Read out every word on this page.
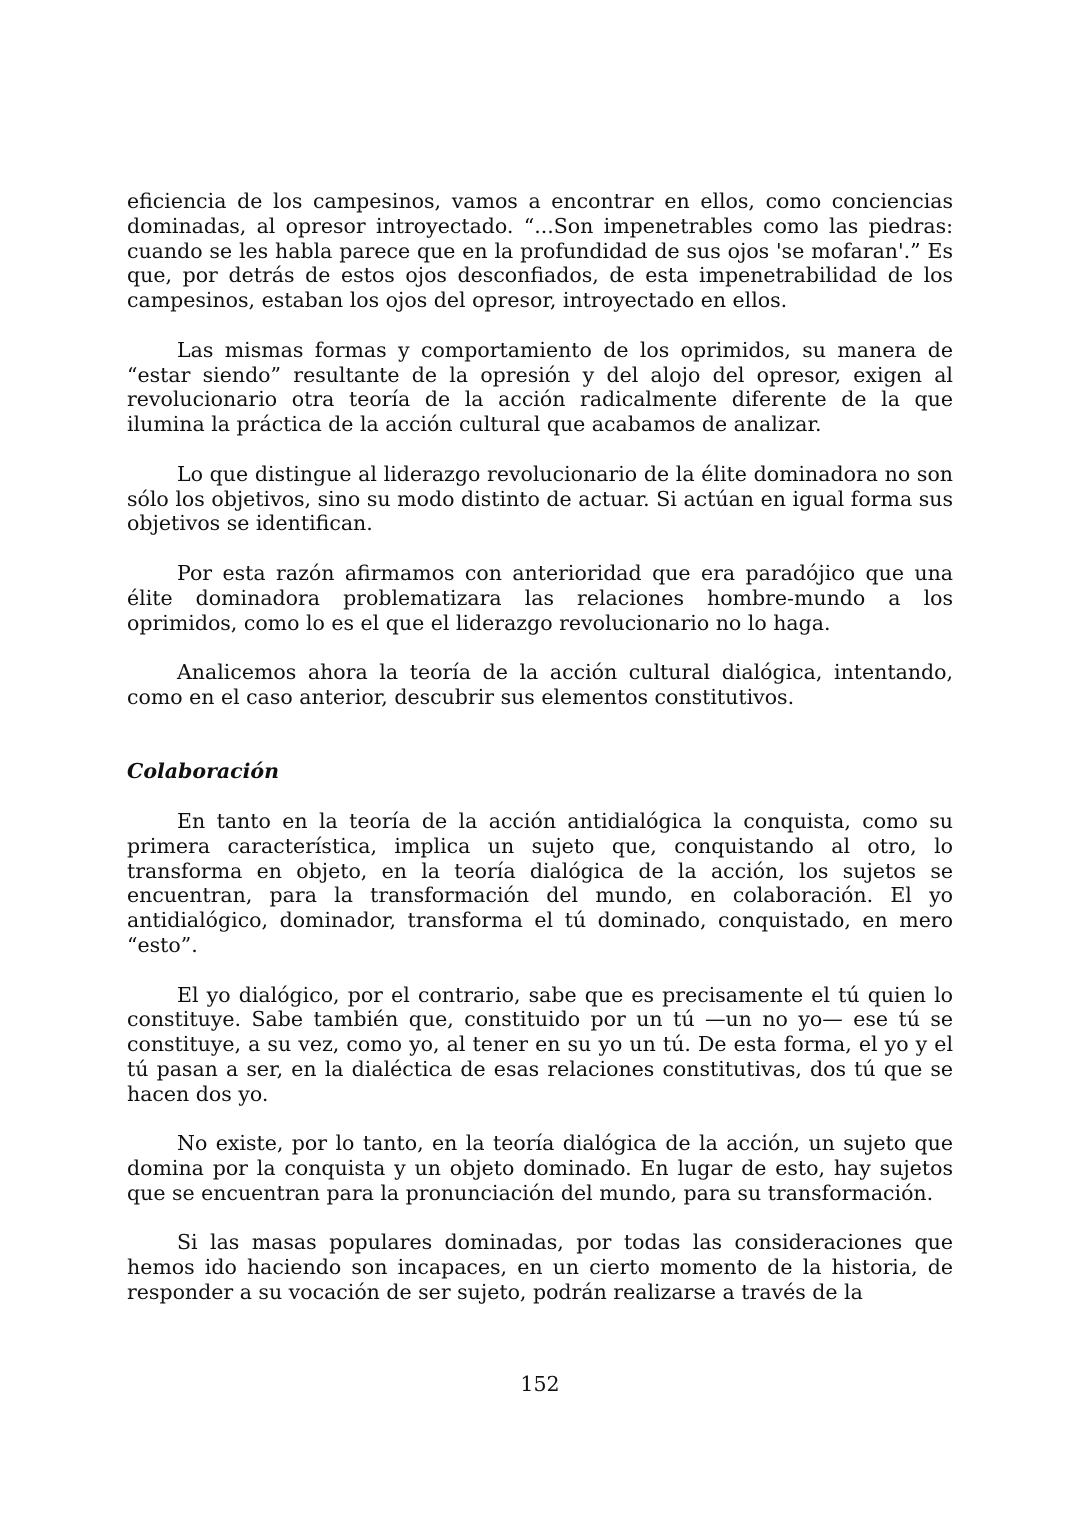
eficiencia de los campesinos, vamos a encontrar en ellos, como conciencias dominadas, al opresor introyectado. “...Son impenetrables como las piedras: cuando se les habla parece que en la profundidad de sus ojos 'se mofaran'.” Es que, por detrás de estos ojos desconfiados, de esta impenetrabilidad de los campesinos, estaban los ojos del opresor, introyectado en ellos.

Las mismas formas y comportamiento de los oprimidos, su manera de “estar siendo” resultante de la opresión y del alojo del opresor, exigen al revolucionario otra teoría de la acción radicalmente diferente de la que ilumina la práctica de la acción cultural que acabamos de analizar.

Lo que distingue al liderazgo revolucionario de la élite dominadora no son sólo los objetivos, sino su modo distinto de actuar. Si actúan en igual forma sus objetivos se identifican.

Por esta razón afirmamos con anterioridad que era paradójico que una élite dominadora problematizara las relaciones hombre-mundo a los oprimidos, como lo es el que el liderazgo revolucionario no lo haga.

Analicemos ahora la teoría de la acción cultural dialógica, intentando, como en el caso anterior, descubrir sus elementos constitutivos.

Colaboración

En tanto en la teoría de la acción antidialógica la conquista, como su primera característica, implica un sujeto que, conquistando al otro, lo transforma en objeto, en la teoría dialógica de la acción, los sujetos se encuentran, para la transformación del mundo, en colaboración. El yo antidialógico, dominador, transforma el tú dominado, conquistado, en mero “esto”.

El yo dialógico, por el contrario, sabe que es precisamente el tú quien lo constituye. Sabe también que, constituido por un tú —un no yo— ese tú se constituye, a su vez, como yo, al tener en su yo un tú. De esta forma, el yo y el tú pasan a ser, en la dialéctica de esas relaciones constitutivas, dos tú que se hacen dos yo.

No existe, por lo tanto, en la teoría dialógica de la acción, un sujeto que domina por la conquista y un objeto dominado. En lugar de esto, hay sujetos que se encuentran para la pronunciación del mundo, para su transformación.

Si las masas populares dominadas, por todas las consideraciones que hemos ido haciendo son incapaces, en un cierto momento de la historia, de responder a su vocación de ser sujeto, podrán realizarse a través de la

152
